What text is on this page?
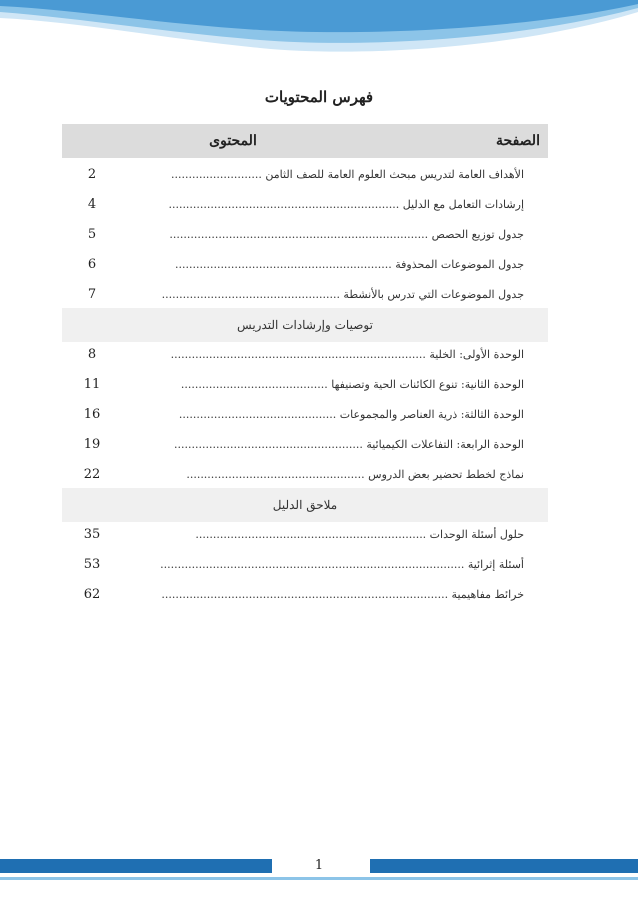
فهرس المحتويات
الصفحة
المحتوى
الأهداف العامة لتدريس مبحث العلوم العامة للصف الثامن ..........................
2
إرشادات التعامل مع الدليل ..................................................................
4
جدول توزيع الحصص ..........................................................................
5
جدول الموضوعات المحذوفة ..............................................................
6
جدول الموضوعات التي تدرس بالأنشطة ...................................................
7
توصيات وإرشادات التدريس
الوحدة الأولى: الخلية .........................................................................
8
الوحدة الثانية: تنوع الكائنات الحية وتصنيفها ..........................................
11
الوحدة الثالثة: ذرية العناصر والمجموعات .............................................
16
الوحدة الرابعة: التفاعلات الكيميائية ......................................................
19
نماذج لخطط تحضير بعض الدروس ...................................................
22
ملاحق الدليل
حلول أسئلة الوحدات ..................................................................
35
أسئلة إثرائية .......................................................................................
53
خرائط مفاهيمية ..................................................................................
62
1
